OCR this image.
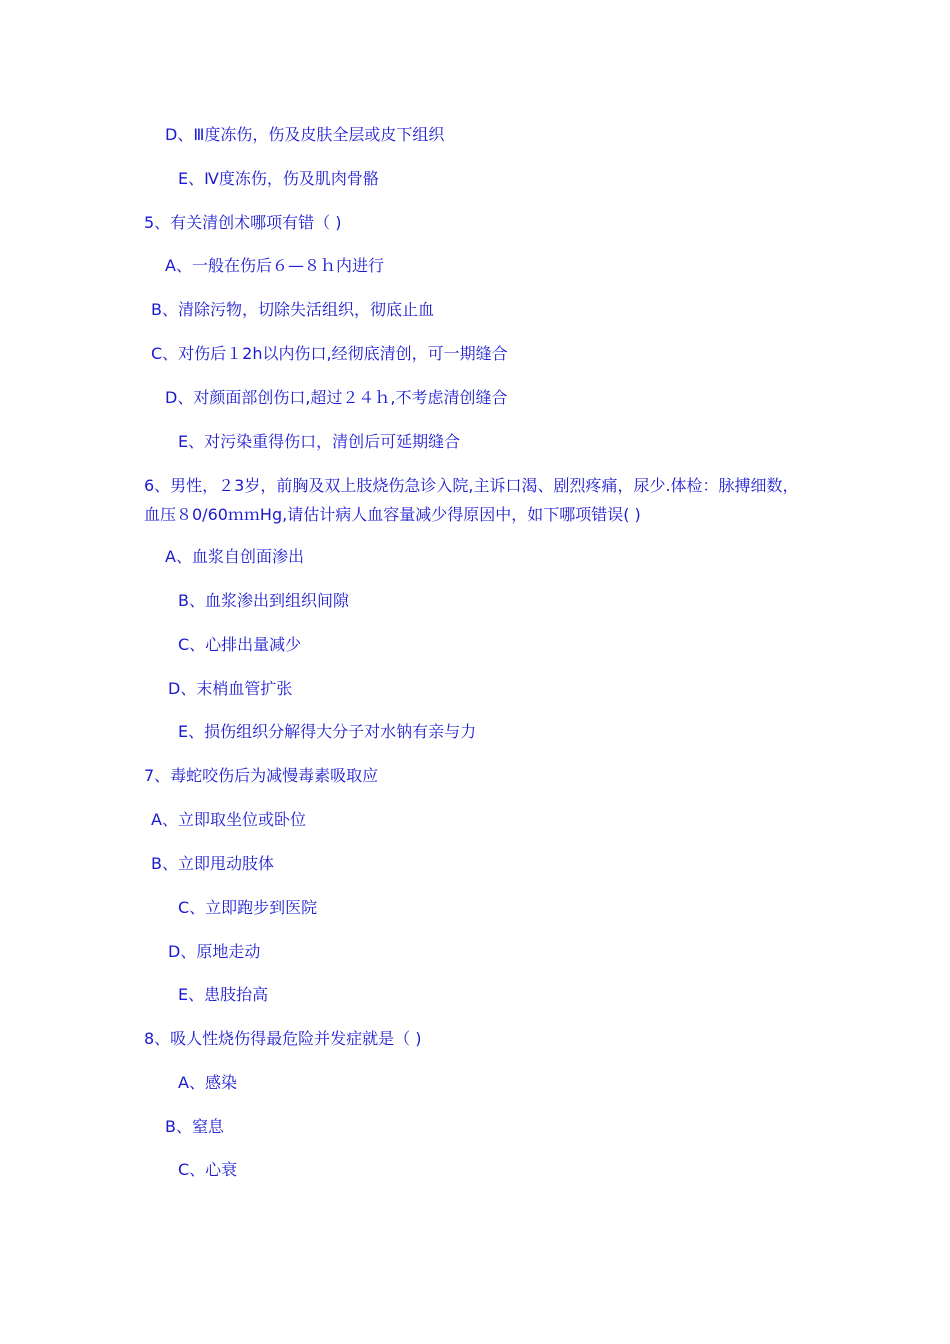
D、Ⅲ度冻伤，伤及皮肤全层或皮下组织
E、Ⅳ度冻伤，伤及肌肉骨骼
5、有关清创术哪项有错（ )
A、一般在伤后６—８ｈ内进行
B、清除污物，切除失活组织，彻底止血
C、对伤后１2h以内伤口,经彻底清创，可一期缝合
D、对颜面部创伤口,超过２４ｈ,不考虑清创缝合
E、对污染重得伤口，清创后可延期缝合
6、男性，２3岁，前胸及双上肢烧伤急诊入院,主诉口渴、剧烈疼痛，尿少.体检：脉搏细数，血压８0/60ｍｍHg,请估计病人血容量减少得原因中，如下哪项错误( )
A、血浆自创面渗出
B、血浆渗出到组织间隙
C、心排出量减少
D、末梢血管扩张
E、损伤组织分解得大分子对水钠有亲与力
7、毒蛇咬伤后为减慢毒素吸取应
A、立即取坐位或卧位
B、立即甩动肢体
C、立即跑步到医院
D、原地走动
E、患肢抬高
8、吸人性烧伤得最危险并发症就是（ )
A、感染
B、窒息
C、心衰
